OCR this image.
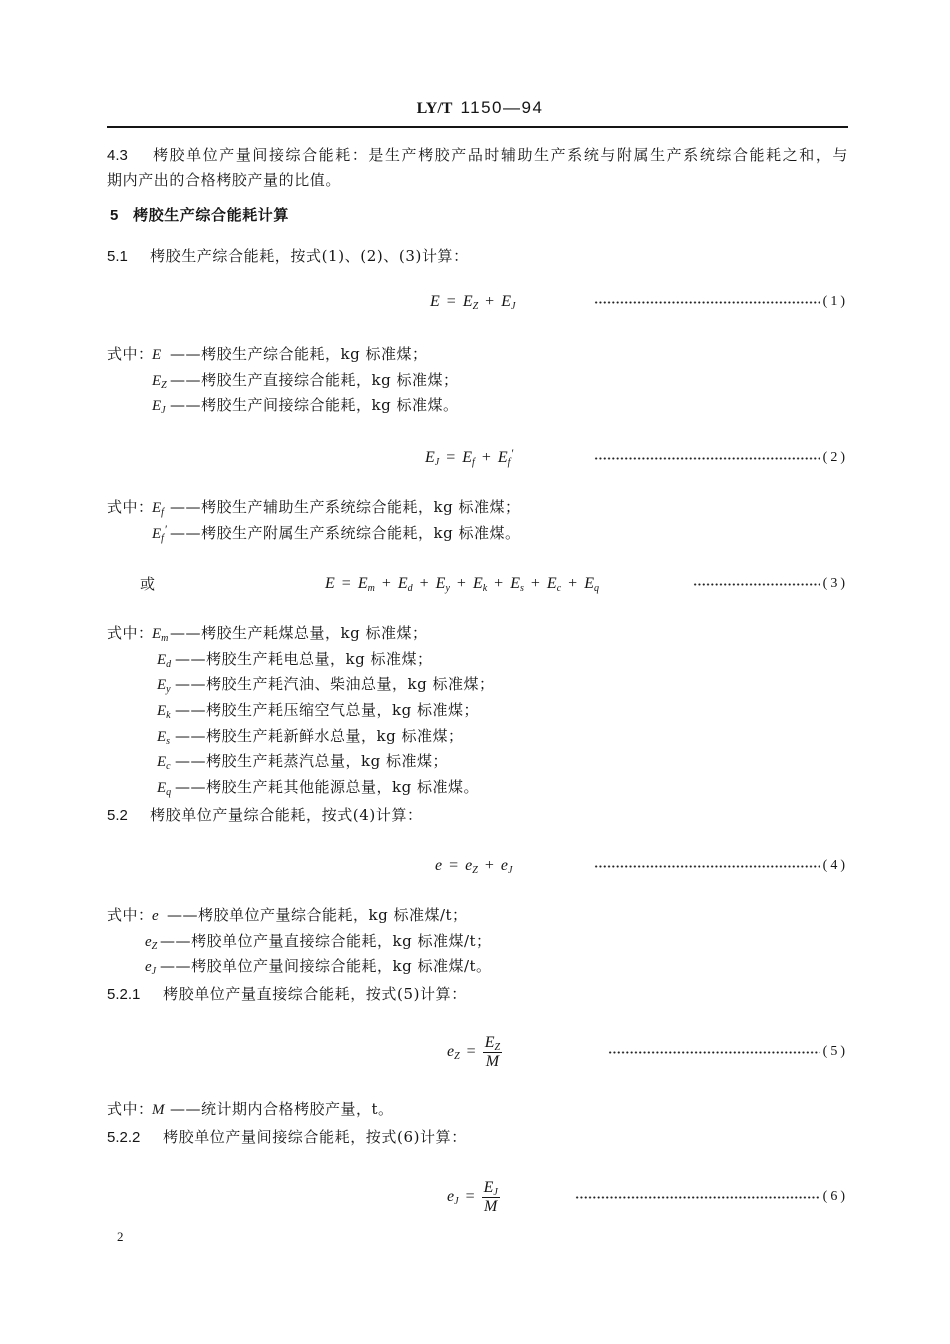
LY/T 1150—94
4.3 栲胶单位产量间接综合能耗：是生产栲胶产品时辅助生产系统与附属生产系统综合能耗之和，与
期内产出的合格栲胶产量的比值。
5 栲胶生产综合能耗计算
5.1 栲胶生产综合能耗，按式(1)、(2)、(3)计算：
$E = E_Z + E_J$	(1)
式中：E ——栲胶生产综合能耗，kg 标准煤；
$E_Z$ ——栲胶生产直接综合能耗，kg 标准煤；
$E_J$ ——栲胶生产间接综合能耗，kg 标准煤。
$E_J = E_f + E_f'$	(2)
式中：$E_f$ ——栲胶生产辅助生产系统综合能耗，kg 标准煤；
$E_f'$ ——栲胶生产附属生产系统综合能耗，kg 标准煤。
或	$E = E_m + E_d + E_y + E_k + E_s + E_c + E_q$	(3)
式中：$E_m$ ——栲胶生产耗煤总量，kg 标准煤；
$E_d$ ——栲胶生产耗电总量，kg 标准煤；
$E_y$ ——栲胶生产耗汽油、柴油总量，kg 标准煤；
$E_k$ ——栲胶生产耗压缩空气总量，kg 标准煤；
$E_s$ ——栲胶生产耗新鲜水总量，kg 标准煤；
$E_c$ ——栲胶生产耗蒸汽总量，kg 标准煤；
$E_q$ ——栲胶生产耗其他能源总量，kg 标准煤。
5.2 栲胶单位产量综合能耗，按式(4)计算：
$e = e_Z + e_J$	(4)
式中：e ——栲胶单位产量综合能耗，kg 标准煤/t；
$e_Z$ ——栲胶单位产量直接综合能耗，kg 标准煤/t；
$e_J$ ——栲胶单位产量间接综合能耗，kg 标准煤/t。
5.2.1 栲胶单位产量直接综合能耗，按式(5)计算：
$e_Z = \frac{E_Z}{M}$	(5)
式中：M ——统计期内合格栲胶产量，t。
5.2.2 栲胶单位产量间接综合能耗，按式(6)计算：
$e_J = \frac{E_J}{M}$	(6)
2
